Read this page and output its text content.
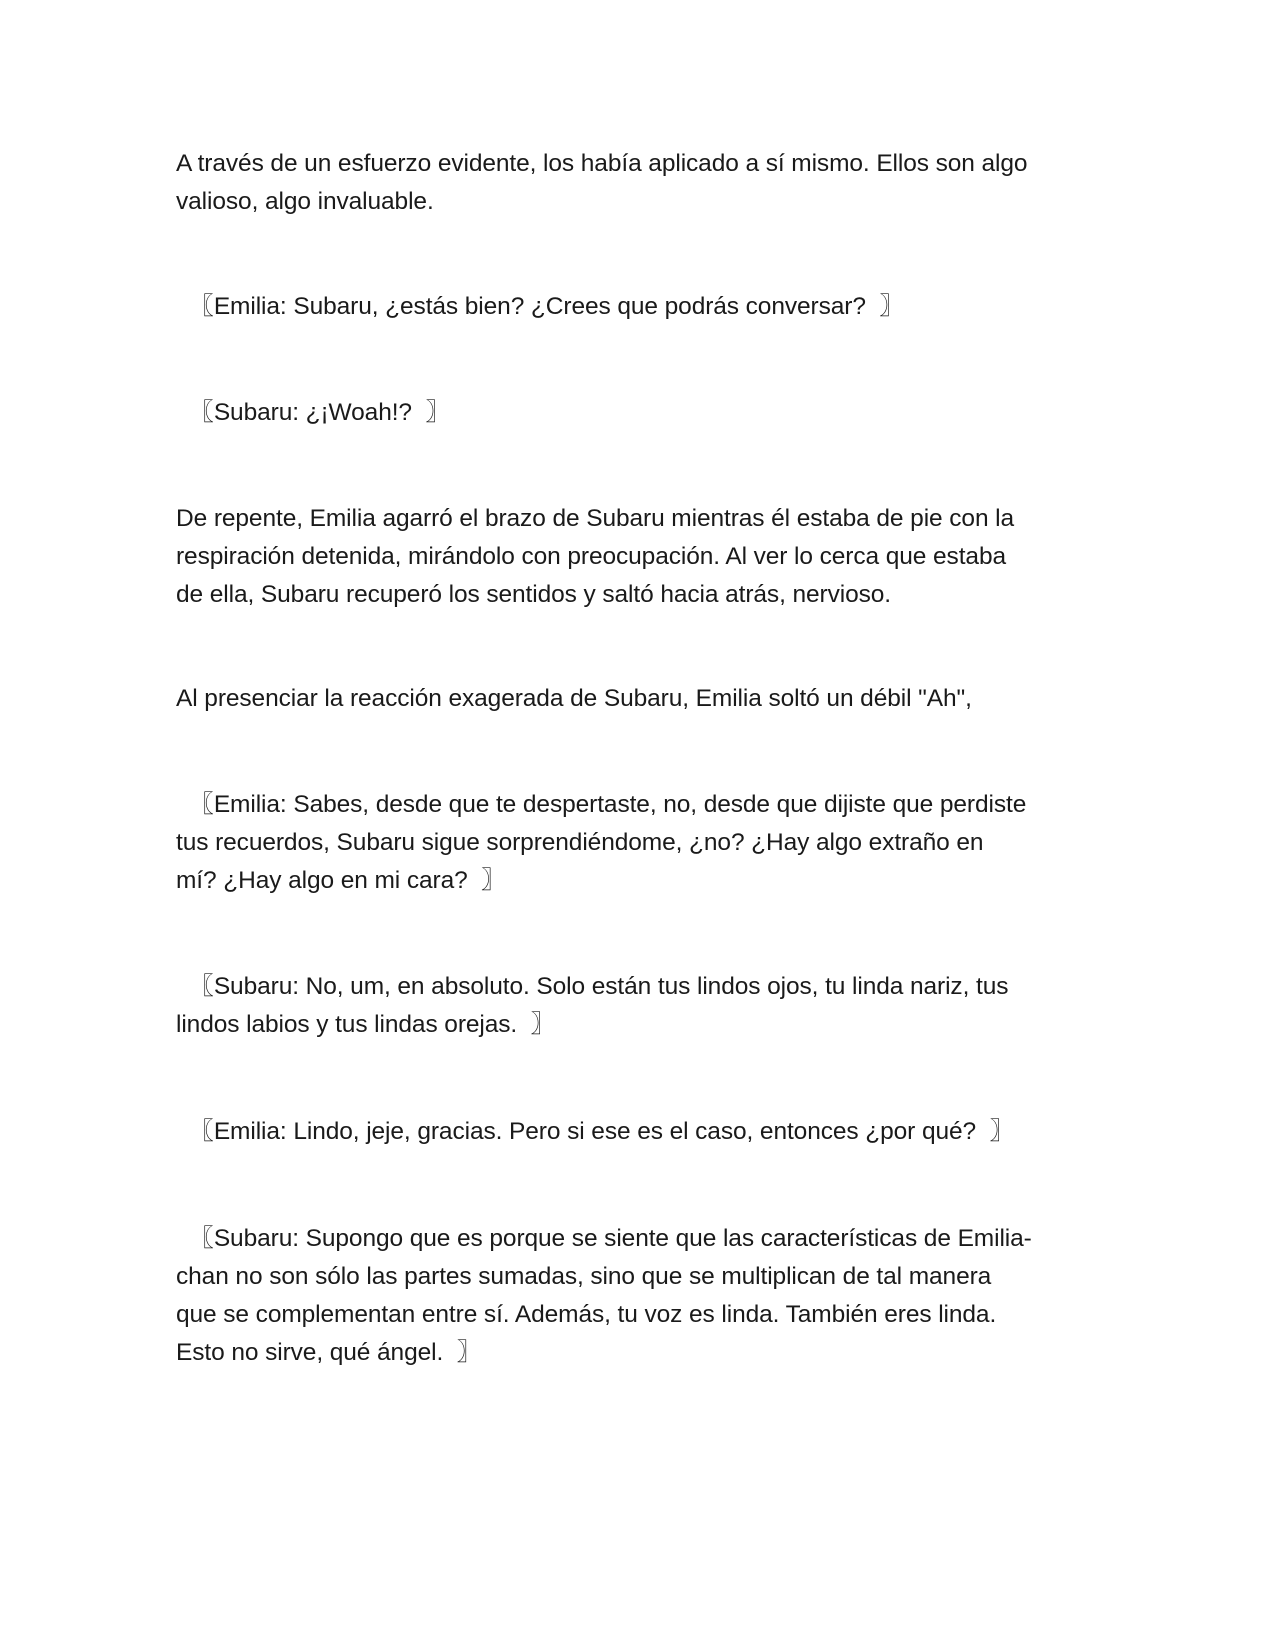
A través de un esfuerzo evidente, los había aplicado a sí mismo. Ellos son algo
valioso, algo invaluable.

〖Emilia: Subaru, ¿estás bien? ¿Crees que podrás conversar?  〗

〖Subaru: ¿¡Woah!?  〗

De repente, Emilia agarró el brazo de Subaru mientras él estaba de pie con la
respiración detenida, mirándolo con preocupación. Al ver lo cerca que estaba
de ella, Subaru recuperó los sentidos y saltó hacia atrás, nervioso.

Al presenciar la reacción exagerada de Subaru, Emilia soltó un débil "Ah",

〖Emilia: Sabes, desde que te despertaste, no, desde que dijiste que perdiste
tus recuerdos, Subaru sigue sorprendiéndome, ¿no? ¿Hay algo extraño en
mí? ¿Hay algo en mi cara?  〗

〖Subaru: No, um, en absoluto. Solo están tus lindos ojos, tu linda nariz, tus
lindos labios y tus lindas orejas.  〗

〖Emilia: Lindo, jeje, gracias. Pero si ese es el caso, entonces ¿por qué?  〗

〖Subaru: Supongo que es porque se siente que las características de Emilia-
chan no son sólo las partes sumadas, sino que se multiplican de tal manera
que se complementan entre sí. Además, tu voz es linda. También eres linda.
Esto no sirve, qué ángel.  〗
